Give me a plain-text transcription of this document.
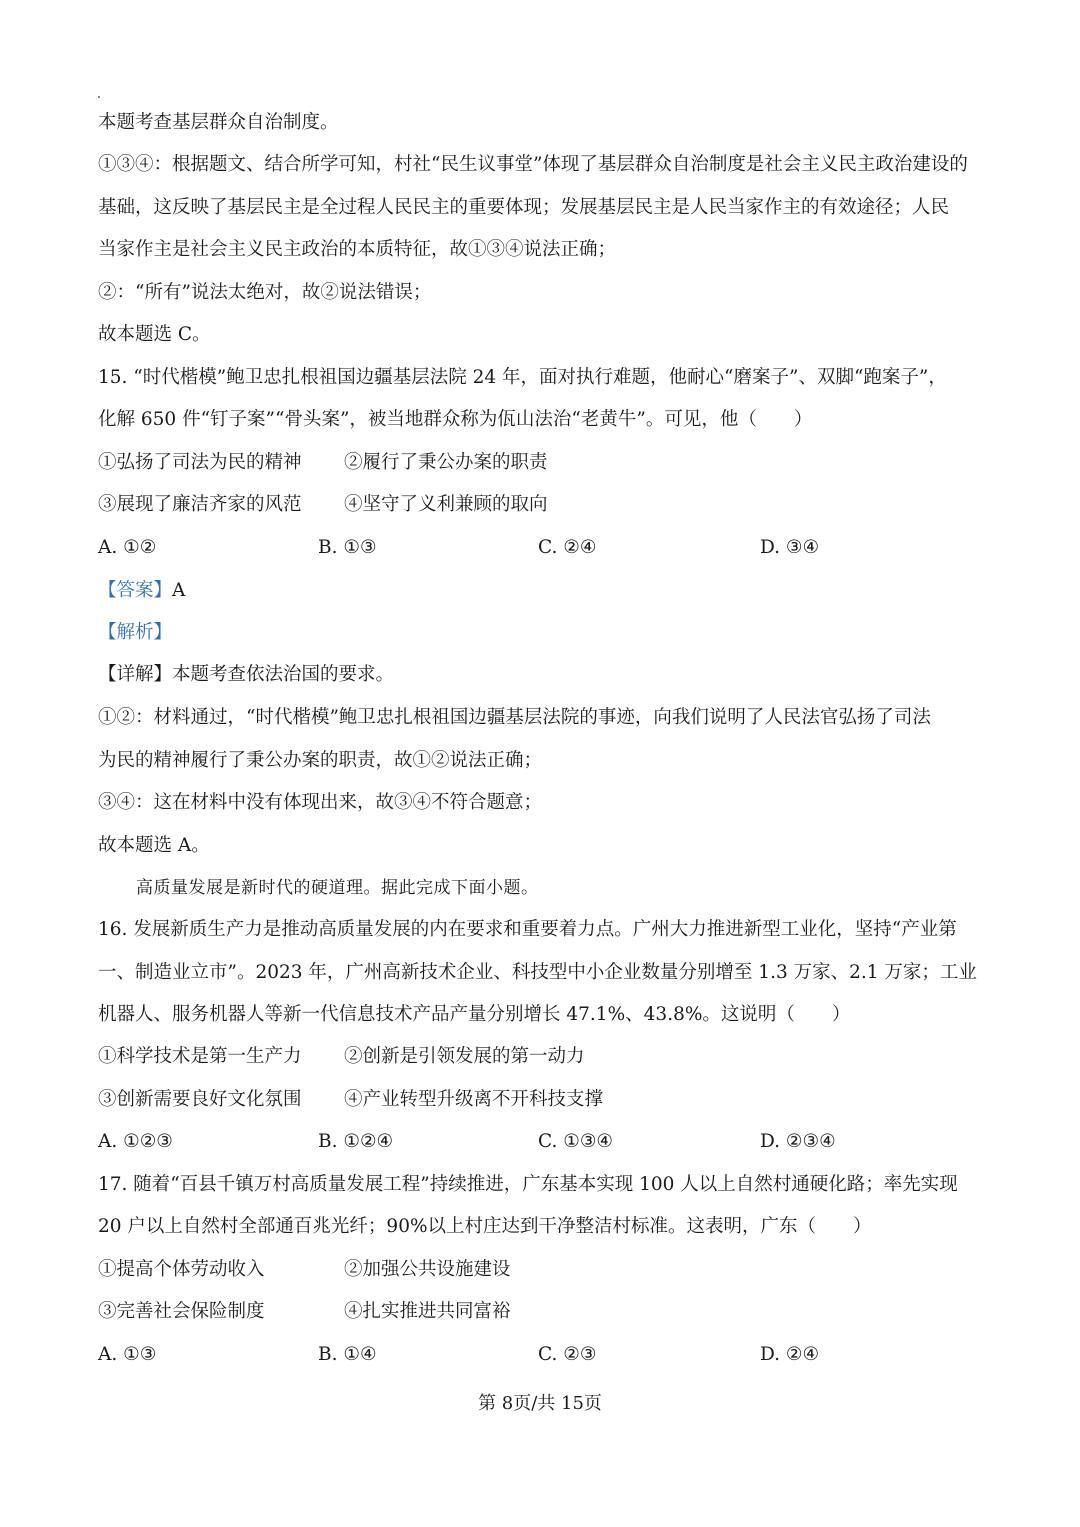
本题考查基层群众自治制度。
①③④：根据题文、结合所学可知，村社“民生议事堂”体现了基层群众自治制度是社会主义民主政治建设的
基础，这反映了基层民主是全过程人民民主的重要体现；发展基层民主是人民当家作主的有效途径；人民
当家作主是社会主义民主政治的本质特征，故①③④说法正确；
②：“所有”说法太绝对，故②说法错误；
故本题选 C。
15. “时代楷模”鲍卫忠扎根祖国边疆基层法院 24 年，面对执行难题，他耐心“磨案子”、双脚“跑案子”，
化解 650 件“钉子案”“骨头案”，被当地群众称为佤山法治“老黄牛”。可见，他（　　）
①弘扬了司法为民的精神 ②履行了秉公办案的职责
③展现了廉洁齐家的风范 ④坚守了义利兼顾的取向
A. ①②	B. ①③	C. ②④	D. ③④
【答案】A
【解析】
【详解】本题考查依法治国的要求。
①②：材料通过，“时代楷模”鲍卫忠扎根祖国边疆基层法院的事迹，向我们说明了人民法官弘扬了司法
为民的精神履行了秉公办案的职责，故①②说法正确；
③④：这在材料中没有体现出来，故③④不符合题意；
故本题选 A。
高质量发展是新时代的硬道理。据此完成下面小题。
16. 发展新质生产力是推动高质量发展的内在要求和重要着力点。广州大力推进新型工业化，坚持“产业第
一、制造业立市”。2023 年，广州高新技术企业、科技型中小企业数量分别增至 1.3 万家、2.1 万家；工业
机器人、服务机器人等新一代信息技术产品产量分别增长 47.1%、43.8%。这说明（　　）
①科学技术是第一生产力 ②创新是引领发展的第一动力
③创新需要良好文化氛围 ④产业转型升级离不开科技支撑
A. ①②③	B. ①②④	C. ①③④	D. ②③④
17. 随着“百县千镇万村高质量发展工程”持续推进，广东基本实现 100 人以上自然村通硬化路；率先实现
20 户以上自然村全部通百兆光纤；90%以上村庄达到干净整洁村标准。这表明，广东（　　）
①提高个体劳动收入	②加强公共设施建设
③完善社会保险制度	④扎实推进共同富裕
A. ①③	B. ①④	C. ②③	D. ②④
第 8页/共 15页
